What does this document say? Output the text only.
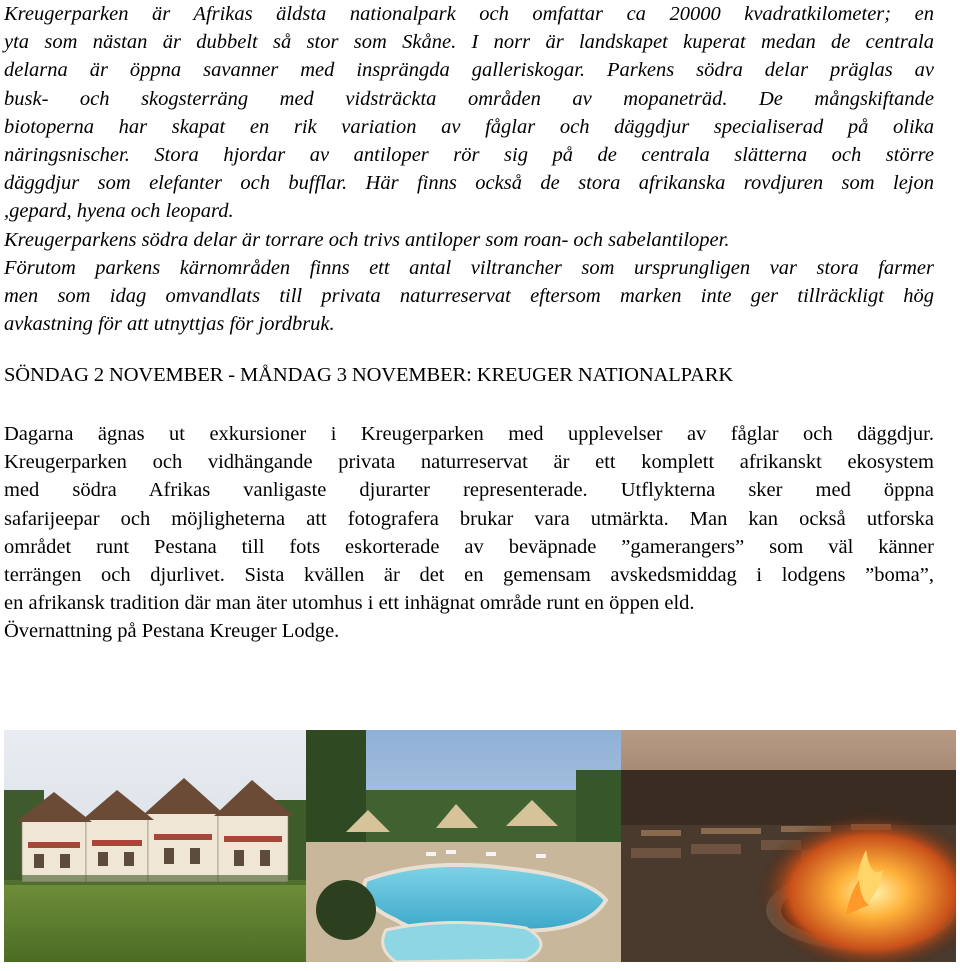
Kreugerparken är Afrikas äldsta nationalpark och omfattar ca 20000 kvadratkilometer; en
yta som nästan är dubbelt så stor som Skåne. I norr är landskapet kuperat medan de centrala
delarna är öppna savanner med insprängda galleriskogar. Parkens södra delar präglas av
busk- och skogsterräng med vidsträckta områden av mopaneträd. De mångskiftande
biotoperna har skapat en rik variation av fåglar och däggdjur specialiserad på olika
näringsnischer. Stora hjordar av antiloper rör sig på de centrala slätterna och större
däggdjur som elefanter och bufflar. Här finns också de stora afrikanska rovdjuren som lejon
,gepard, hyena och leopard.
Kreugerparkens södra delar är torrare och trivs antiloper som roan- och sabelantiloper.
Förutom parkens kärnområden finns ett antal viltrancher som ursprungligen var stora farmer
men som idag omvandlats till privata naturreservat eftersom marken inte ger tillräckligt hög
avkastning för att utnyttjas för jordbruk.

SÖNDAG 2 NOVEMBER - MÅNDAG 3 NOVEMBER: KREUGER NATIONALPARK

Dagarna ägnas ut exkursioner i Kreugerparken med upplevelser av fåglar och däggdjur.
Kreugerparken och vidhängande privata naturreservat är ett komplett afrikanskt ekosystem
med södra Afrikas vanligaste djurarter representerade. Utflykterna sker med öppna
safarijeepar och möjligheterna att fotografera brukar vara utmärkta. Man kan också utforska
området runt Pestana till fots eskorterade av beväpnade ”gamerangers” som väl känner
terrängen och djurlivet. Sista kvällen är det en gemensam avskedsmiddag i lodgens ”boma”,
en afrikansk tradition där man äter utomhus i ett inhägnat område runt en öppen eld.
Övernattning på Pestana Kreuger Lodge.
